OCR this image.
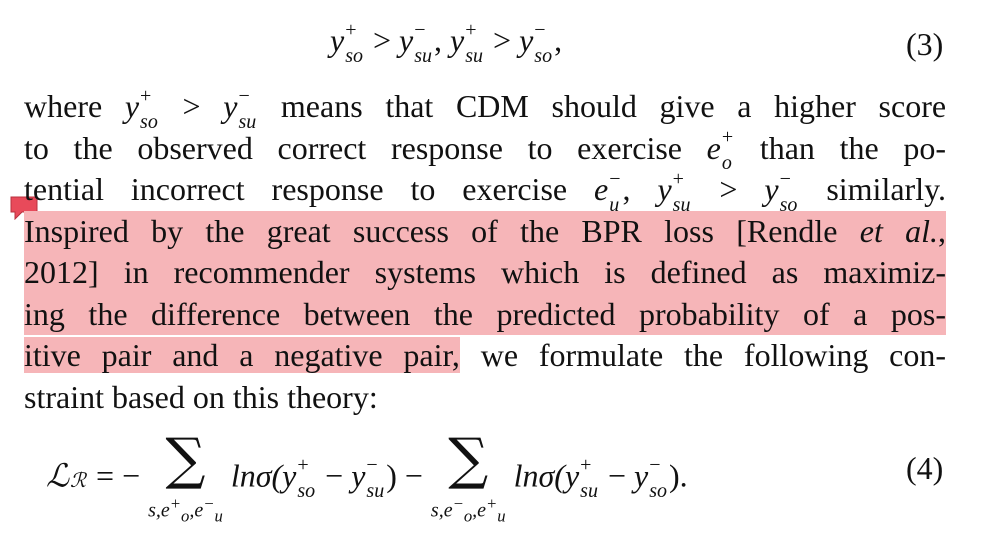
y +
so > y −
su , y +
su > y −
so ,	(3)
where y +
so > y −
su means that CDM should give a higher score
to the observed correct response to exercise e +
o than the po-
tential incorrect response to exercise e −
u , y +
su > y −
so similarly.
Inspired by the great success of the BPR loss [Rendle et al.,
2012] in recommender systems which is defined as maximiz-
ing the difference between the predicted probability of a pos-
itive pair and a negative pair, we formulate the following con-
straint based on this theory:
ℒ ℛ = − ∑
$s,e^+_o,e^-_u$
lnσ(y +
so − y −
su ) − ∑
$s,e^-_o,e^+_u$
lnσ(y +
su − y −
so ).	(4)
